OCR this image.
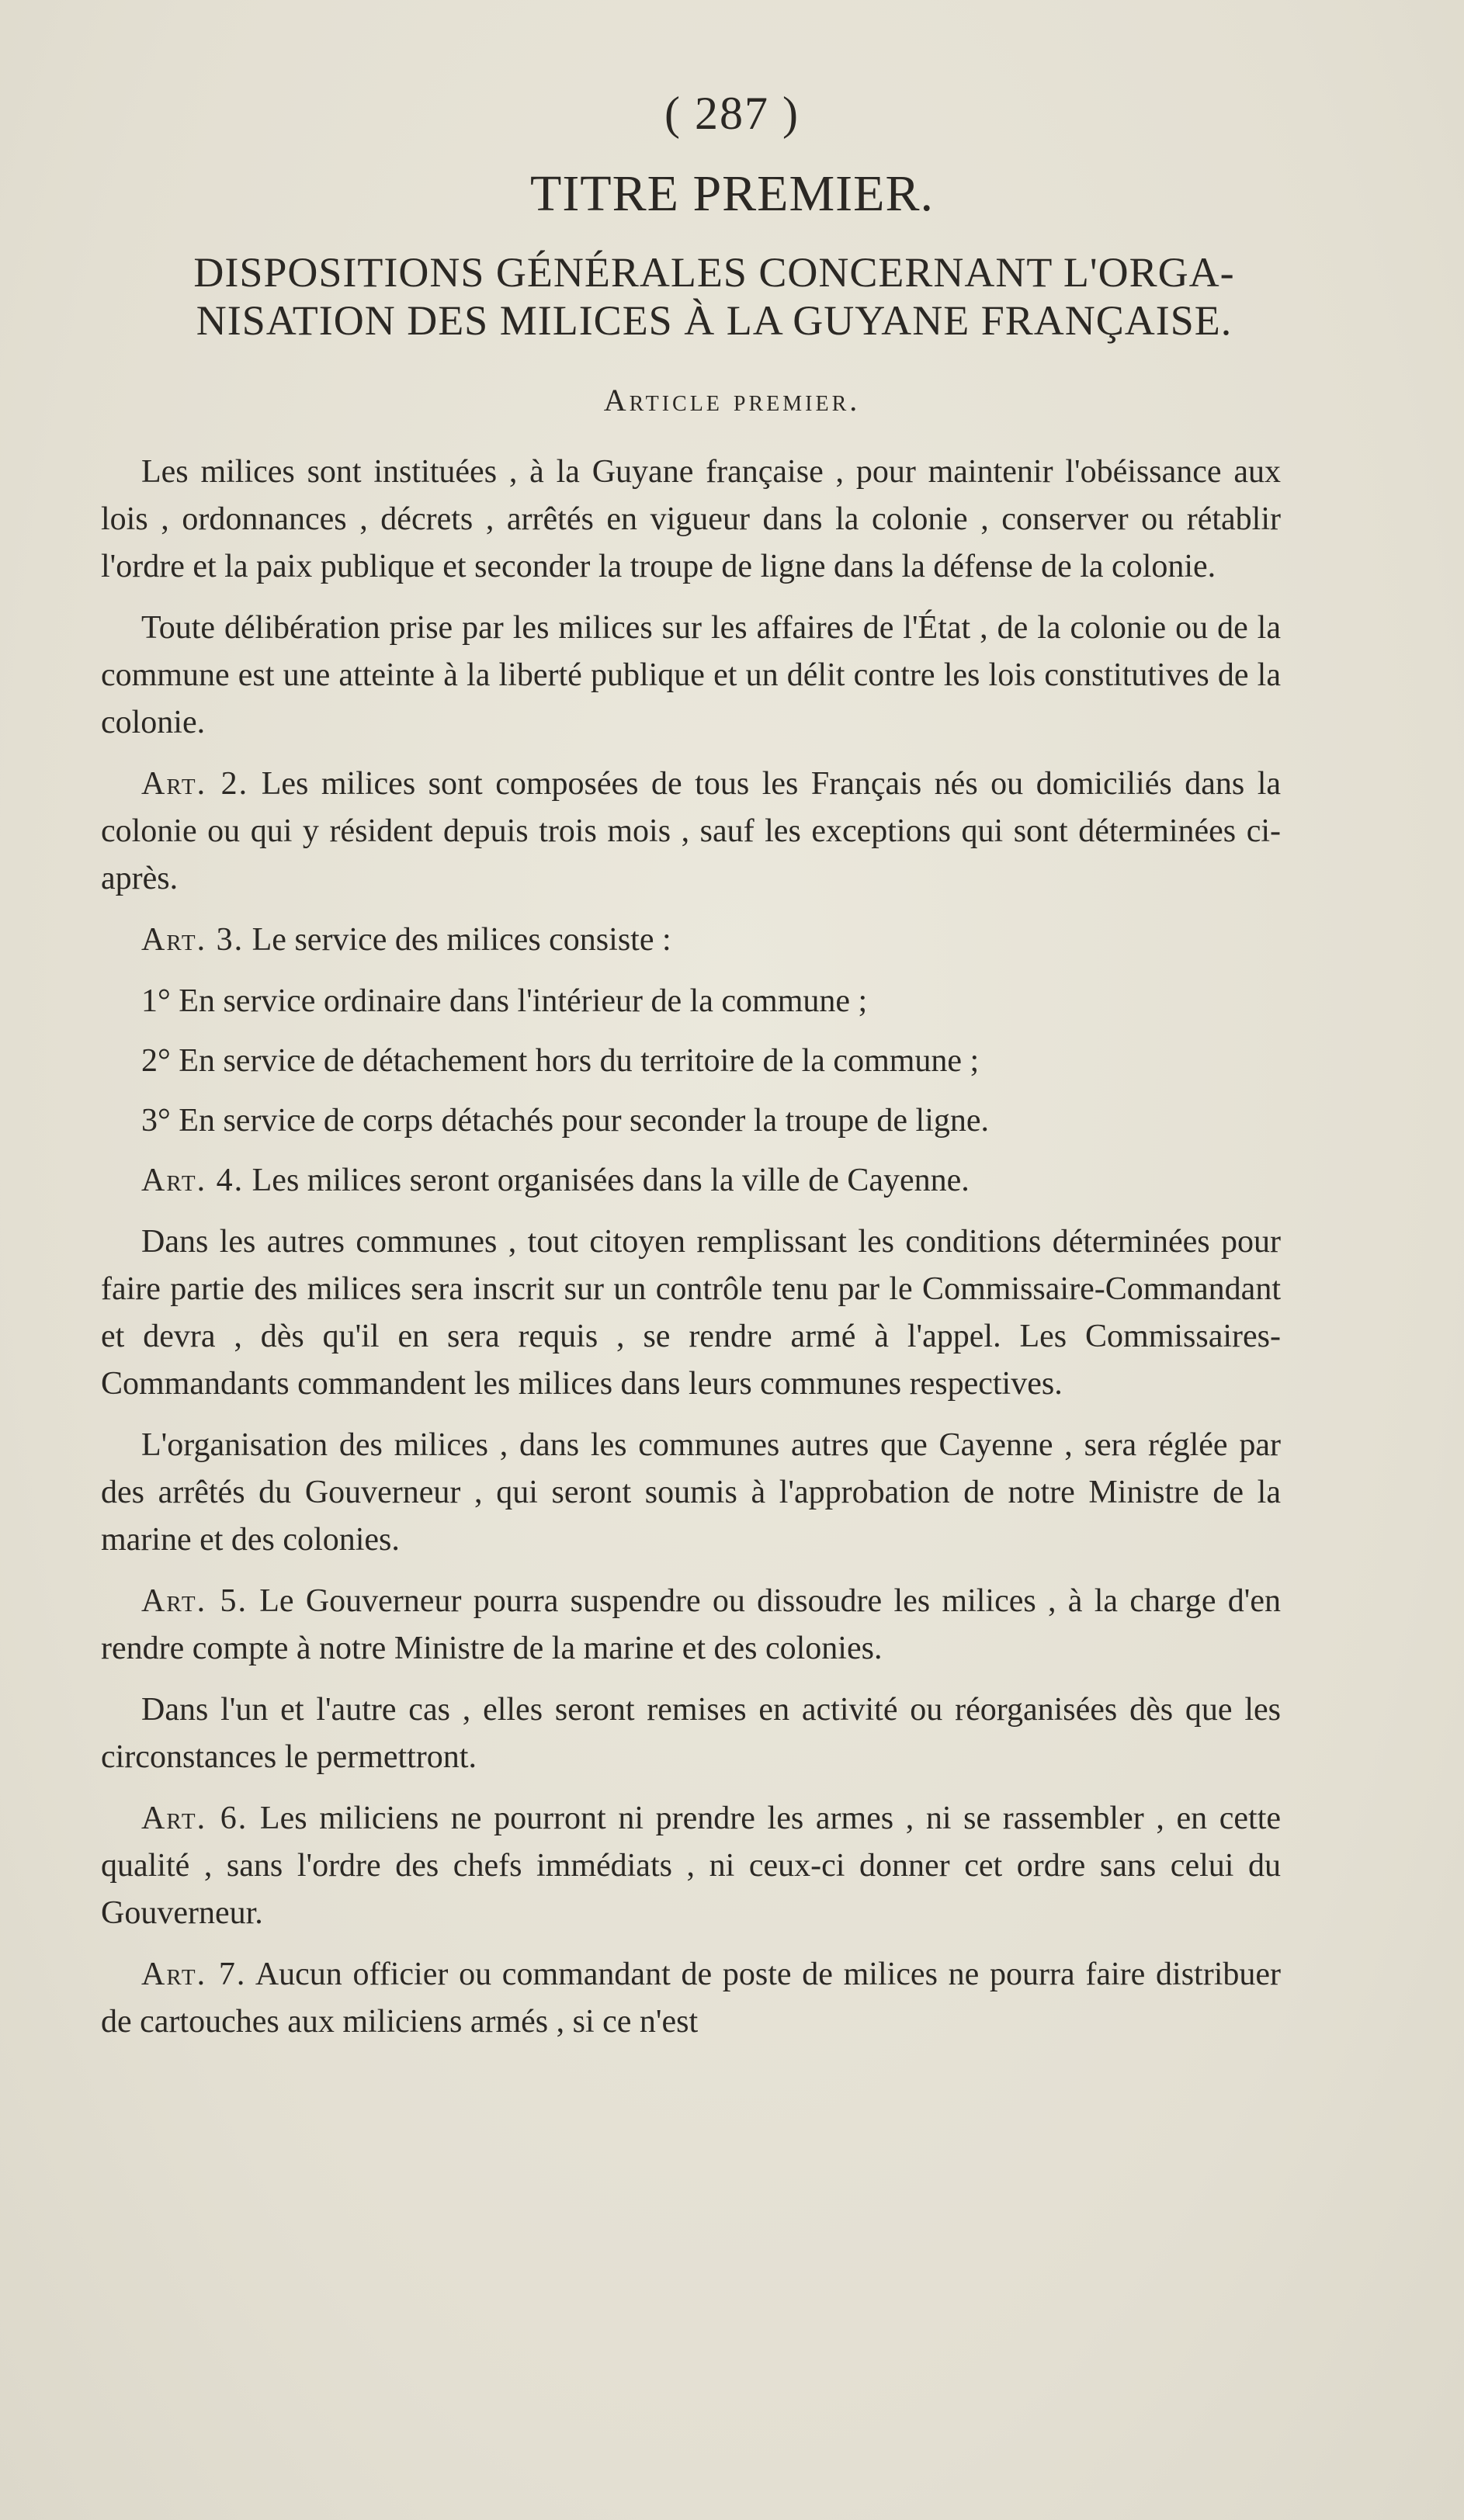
( 287 )
TITRE PREMIER.
DISPOSITIONS GÉNÉRALES CONCERNANT L'ORGA-
NISATION DES MILICES À LA GUYANE FRANÇAISE.
Article premier.

Les milices sont instituées , à la Guyane française , pour maintenir l'obéissance aux lois , ordonnances , décrets , arrêtés en vigueur dans la colonie , conserver ou rétablir l'ordre et la paix publique et seconder la troupe de ligne dans la défense de la colonie.

Toute délibération prise par les milices sur les affaires de l'État , de la colonie ou de la commune est une atteinte à la liberté publique et un délit contre les lois constitutives de la colonie.

Art. 2. Les milices sont composées de tous les Français nés ou domiciliés dans la colonie ou qui y résident depuis trois mois , sauf les exceptions qui sont déterminées ci-après.

Art. 3. Le service des milices consiste :

1° En service ordinaire dans l'intérieur de la commune ;

2° En service de détachement hors du territoire de la commune ;

3° En service de corps détachés pour seconder la troupe de ligne.

Art. 4. Les milices seront organisées dans la ville de Cayenne.

Dans les autres communes , tout citoyen remplissant les conditions déterminées pour faire partie des milices sera inscrit sur un contrôle tenu par le Commissaire-Commandant et devra , dès qu'il en sera requis , se rendre armé à l'appel. Les Commissaires-Commandants commandent les milices dans leurs communes respectives.

L'organisation des milices , dans les communes autres que Cayenne , sera réglée par des arrêtés du Gouverneur , qui seront soumis à l'approbation de notre Ministre de la marine et des colonies.

Art. 5. Le Gouverneur pourra suspendre ou dissoudre les milices , à la charge d'en rendre compte à notre Ministre de la marine et des colonies.

Dans l'un et l'autre cas , elles seront remises en activité ou réorganisées dès que les circonstances le permettront.

Art. 6. Les miliciens ne pourront ni prendre les armes , ni se rassembler , en cette qualité , sans l'ordre des chefs immédiats , ni ceux-ci donner cet ordre sans celui du Gouverneur.

Art. 7. Aucun officier ou commandant de poste de milices ne pourra faire distribuer de cartouches aux miliciens armés , si ce n'est
